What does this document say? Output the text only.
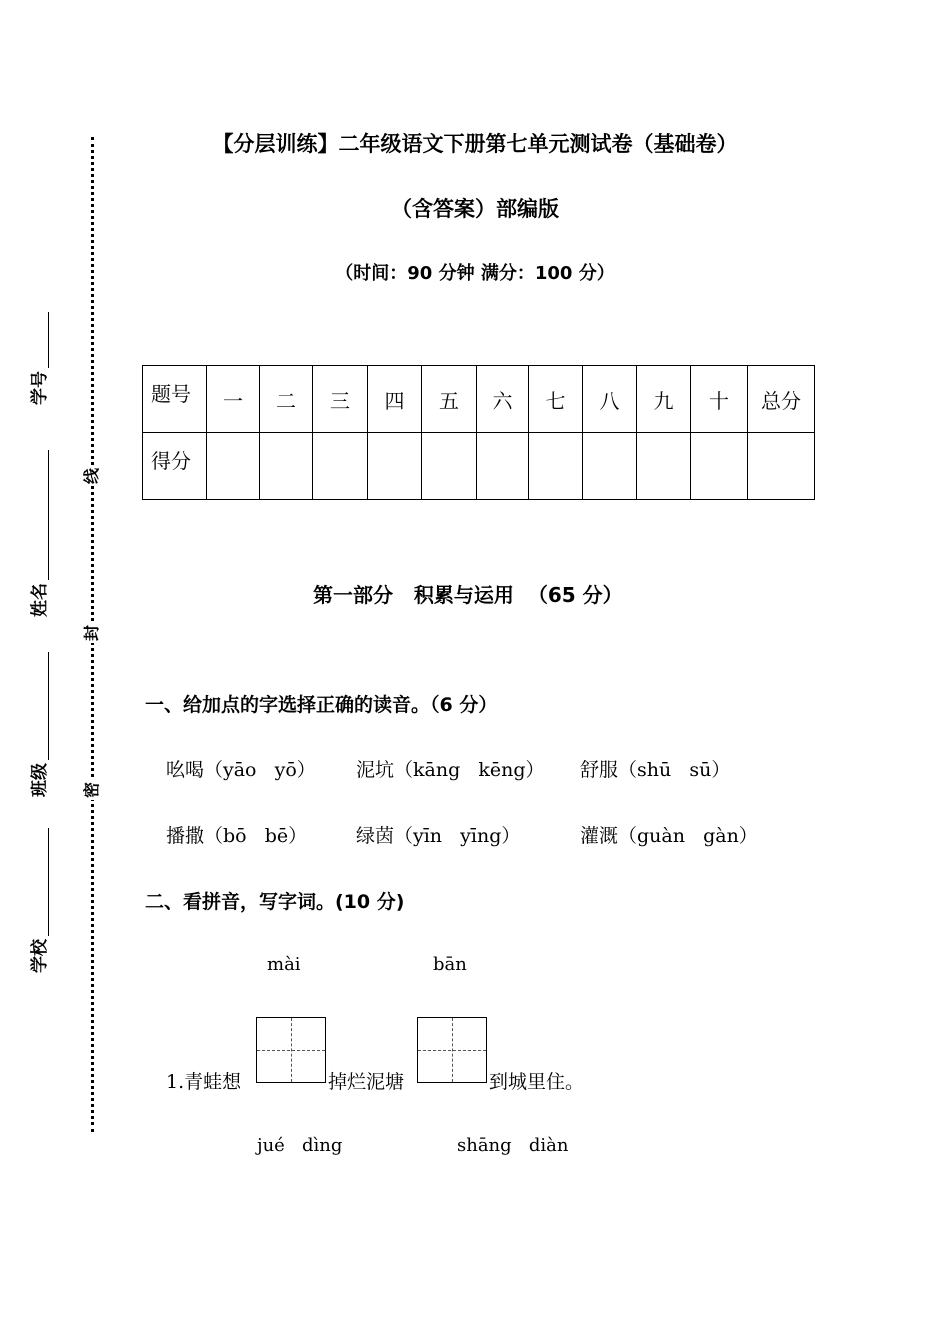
【分层训练】二年级语文下册第七单元测试卷（基础卷）
（含答案）部编版
（时间：90 分钟 满分：100 分）
线
封
密
学号
姓名
班级
学校
题号	一	二	三	四	五	六	七	八	九	十	总分
得分											
第一部分   积累与运用  （65 分）
一、给加点的字选择正确的读音。（6 分）
吆喝（yāo   yō） 泥坑（kāng   kēng） 舒服（shū   sū）
播撒（bō   bē）	绿茵（yīn   yīng）	灌溉（guàn   gàn）
二、看拼音，写字词。(10 分)
mài	bān
1.青蛙想	掉烂泥塘	到城里住。
jué   dìng	shāng   diàn
